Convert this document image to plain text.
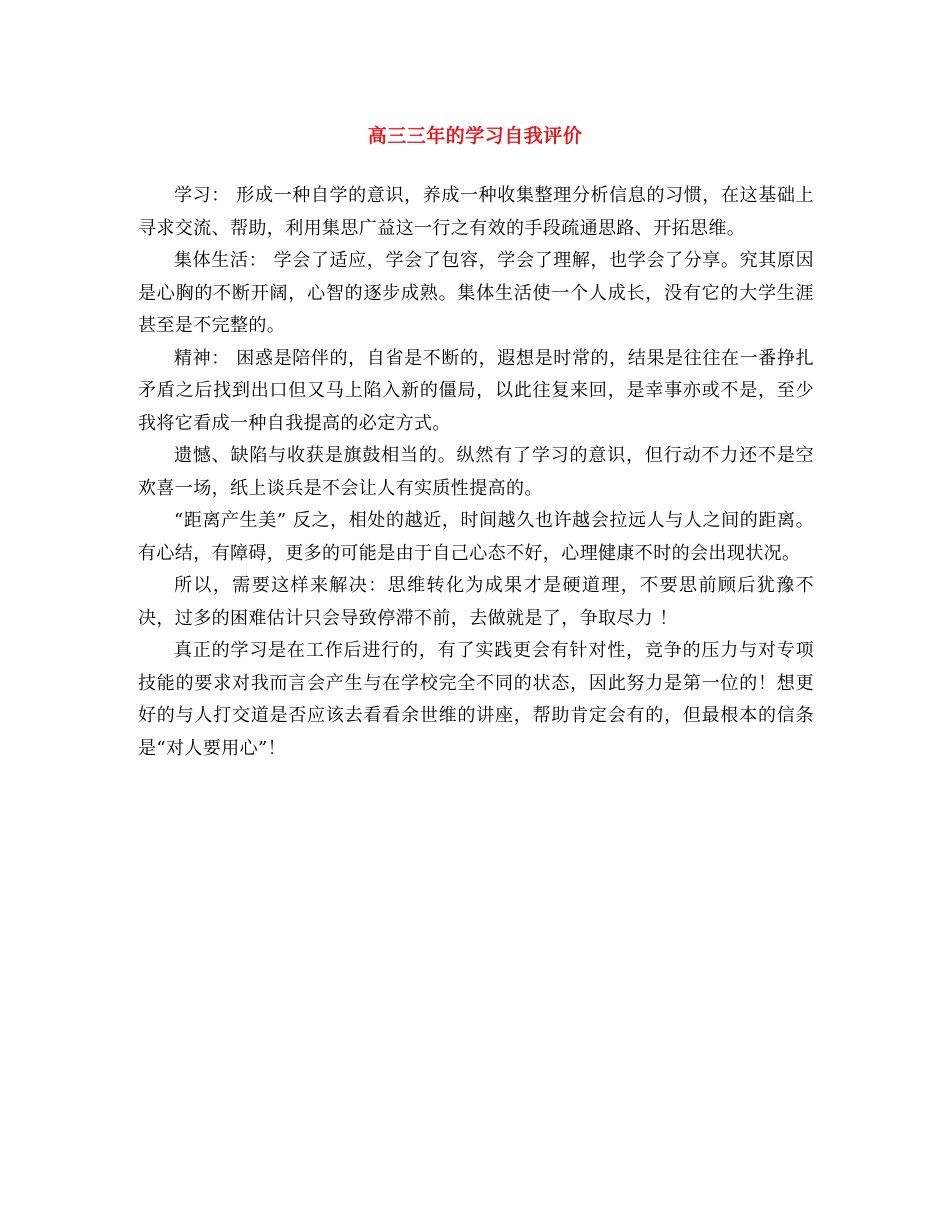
高三三年的学习自我评价

学习： 形成一种自学的意识，养成一种收集整理分析信息的习惯，在这基础上寻求交流、帮助，利用集思广益这一行之有效的手段疏通思路、开拓思维。

集体生活： 学会了适应，学会了包容，学会了理解，也学会了分享。究其原因是心胸的不断开阔，心智的逐步成熟。集体生活使一个人成长，没有它的大学生涯甚至是不完整的。

精神： 困惑是陪伴的，自省是不断的，遐想是时常的，结果是往往在一番挣扎矛盾之后找到出口但又马上陷入新的僵局，以此往复来回，是幸事亦或不是，至少我将它看成一种自我提高的必定方式。

遗憾、缺陷与收获是旗鼓相当的。纵然有了学习的意识，但行动不力还不是空欢喜一场，纸上谈兵是不会让人有实质性提高的。

“距离产生美” 反之，相处的越近，时间越久也许越会拉远人与人之间的距离。有心结，有障碍，更多的可能是由于自己心态不好，心理健康不时的会出现状况。

所以，需要这样来解决：思维转化为成果才是硬道理，不要思前顾后犹豫不决，过多的困难估计只会导致停滞不前，去做就是了，争取尽力 ！

真正的学习是在工作后进行的，有了实践更会有针对性，竞争的压力与对专项技能的要求对我而言会产生与在学校完全不同的状态，因此努力是第一位的！想更好的与人打交道是否应该去看看余世维的讲座，帮助肯定会有的，但最根本的信条是“对人要用心”！
